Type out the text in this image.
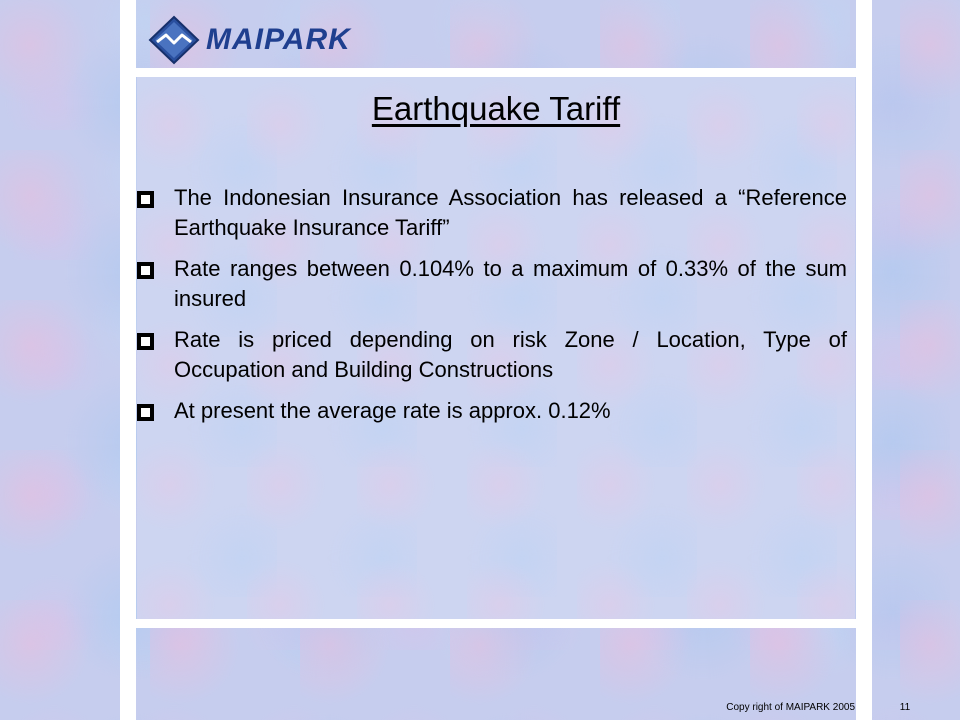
MAIPARK
Earthquake Tariff
The Indonesian Insurance Association has released a “Reference Earthquake Insurance Tariff”
Rate ranges between 0.104% to a maximum of 0.33% of the sum insured
Rate is priced depending on risk Zone / Location, Type of Occupation and Building Constructions
At present the average rate is approx. 0.12%
Copy right of MAIPARK 2005	11
